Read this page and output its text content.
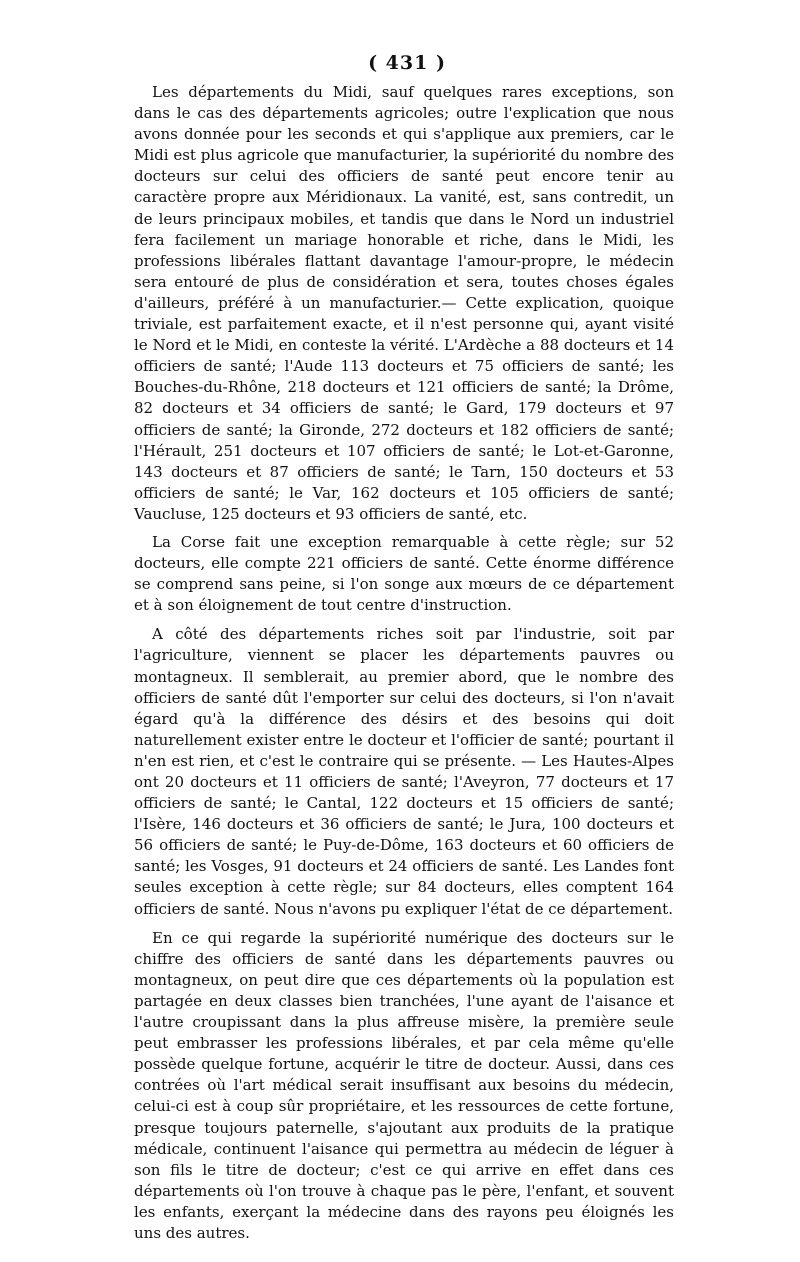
( 431 )

Les départements du Midi, sauf quelques rares exceptions, son dans le cas des départements agricoles; outre l'explication que nous avons donnée pour les seconds et qui s'applique aux premiers, car le Midi est plus agricole que manufacturier, la supériorité du nombre des docteurs sur celui des officiers de santé peut encore tenir au caractère propre aux Méridionaux. La vanité, est, sans contredit, un de leurs principaux mobiles, et tandis que dans le Nord un industriel fera facilement un mariage honorable et riche, dans le Midi, les professions libérales flattant davantage l'amour-propre, le médecin sera entouré de plus de considération et sera, toutes choses égales d'ailleurs, préféré à un manufacturier.— Cette explication, quoique triviale, est parfaitement exacte, et il n'est personne qui, ayant visité le Nord et le Midi, en conteste la vérité. L'Ardèche a 88 docteurs et 14 officiers de santé; l'Aude 113 docteurs et 75 officiers de santé; les Bouches-du-Rhône, 218 docteurs et 121 officiers de santé; la Drôme, 82 docteurs et 34 officiers de santé; le Gard, 179 docteurs et 97 officiers de santé; la Gironde, 272 docteurs et 182 officiers de santé; l'Hérault, 251 docteurs et 107 officiers de santé; le Lot-et-Garonne, 143 docteurs et 87 officiers de santé; le Tarn, 150 docteurs et 53 officiers de santé; le Var, 162 docteurs et 105 officiers de santé; Vaucluse, 125 docteurs et 93 officiers de santé, etc.

La Corse fait une exception remarquable à cette règle; sur 52 docteurs, elle compte 221 officiers de santé. Cette énorme différence se comprend sans peine, si l'on songe aux mœurs de ce département et à son éloignement de tout centre d'instruction.

A côté des départements riches soit par l'industrie, soit par l'agriculture, viennent se placer les départements pauvres ou montagneux. Il semblerait, au premier abord, que le nombre des officiers de santé dût l'emporter sur celui des docteurs, si l'on n'avait égard qu'à la différence des désirs et des besoins qui doit naturellement exister entre le docteur et l'officier de santé; pourtant il n'en est rien, et c'est le contraire qui se présente. — Les Hautes-Alpes ont 20 docteurs et 11 officiers de santé; l'Aveyron, 77 docteurs et 17 officiers de santé; le Cantal, 122 docteurs et 15 officiers de santé; l'Isère, 146 docteurs et 36 officiers de santé; le Jura, 100 docteurs et 56 officiers de santé; le Puy-de-Dôme, 163 docteurs et 60 officiers de santé; les Vosges, 91 docteurs et 24 officiers de santé. Les Landes font seules exception à cette règle; sur 84 docteurs, elles comptent 164 officiers de santé. Nous n'avons pu expliquer l'état de ce département.

En ce qui regarde la supériorité numérique des docteurs sur le chiffre des officiers de santé dans les départements pauvres ou montagneux, on peut dire que ces départements où la population est partagée en deux classes bien tranchées, l'une ayant de l'aisance et l'autre croupissant dans la plus affreuse misère, la première seule peut embrasser les professions libérales, et par cela même qu'elle possède quelque fortune, acquérir le titre de docteur. Aussi, dans ces contrées où l'art médical serait insuffisant aux besoins du médecin, celui-ci est à coup sûr propriétaire, et les ressources de cette fortune, presque toujours paternelle, s'ajoutant aux produits de la pratique médicale, continuent l'aisance qui permettra au médecin de léguer à son fils le titre de docteur; c'est ce qui arrive en effet dans ces départements où l'on trouve à chaque pas le père, l'enfant, et souvent les enfants, exerçant la médecine dans des rayons peu éloignés les uns des autres.
